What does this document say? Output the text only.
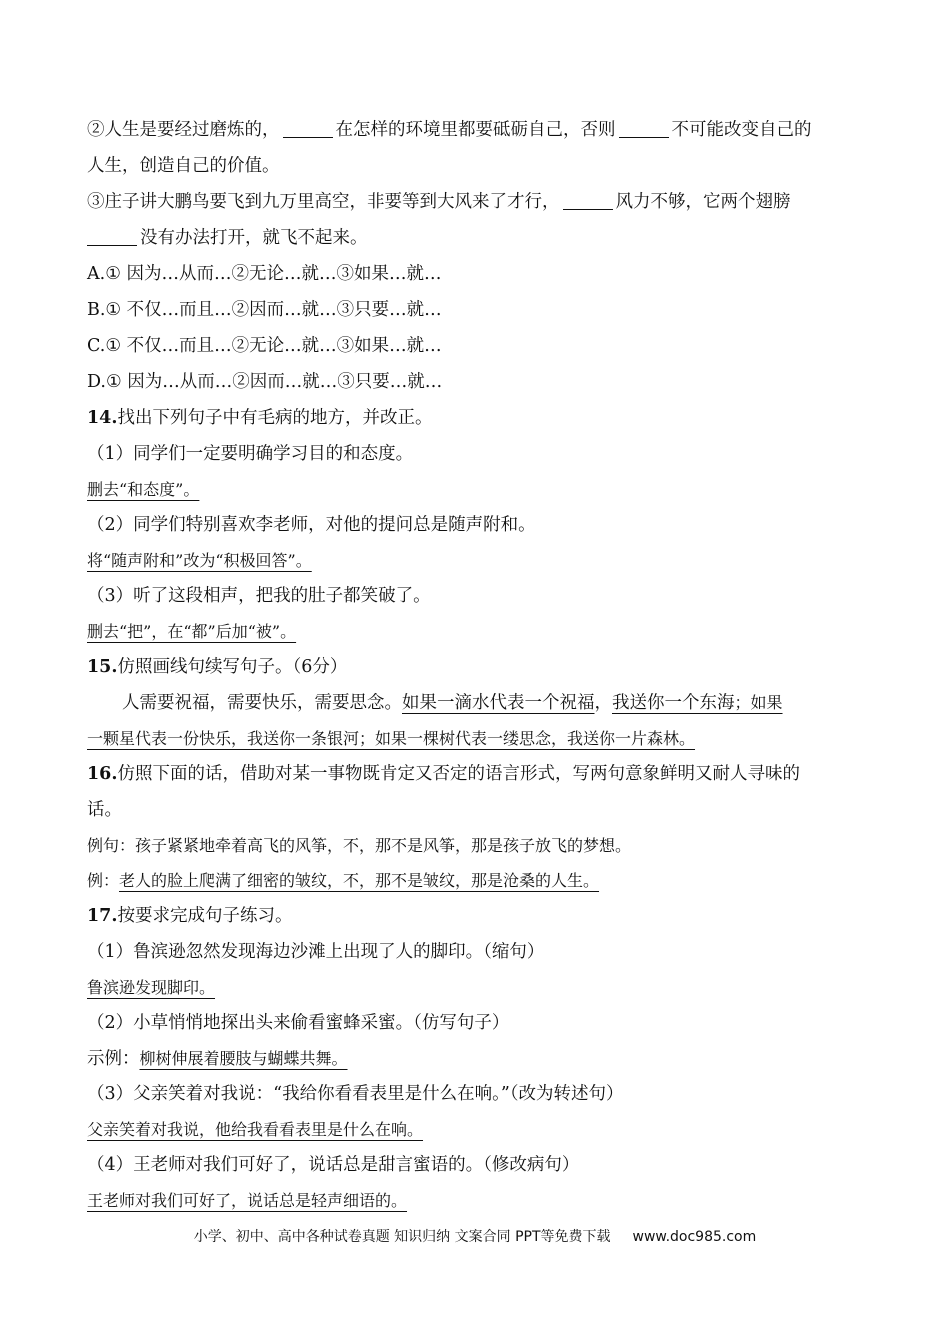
②人生是要经过磨炼的，	在怎样的环境里都要砥砺自己，否则	不可能改变自己的
人生，创造自己的价值。
③庄子讲大鹏鸟要飞到九万里高空，非要等到大风来了才行，	风力不够，它两个翅膀
没有办法打开，就飞不起来。
A.① 因为…从而…②无论…就…③如果…就…
B.① 不仅…而且…②因而…就…③只要…就…
C.① 不仅…而且…②无论…就…③如果…就…
D.① 因为…从而…②因而…就…③只要…就…
14.找出下列句子中有毛病的地方，并改正。
（1）同学们一定要明确学习目的和态度。
删去“和态度”。
（2）同学们特别喜欢李老师，对他的提问总是随声附和。
将“随声附和”改为“积极回答”。
（3）听了这段相声，把我的肚子都笑破了。
删去“把”，在“都”后加“被”。
15.仿照画线句续写句子。（6分）
人需要祝福，需要快乐，需要思念。如果一滴水代表一个祝福，我送你一个东海；如果
一颗星代表一份快乐，我送你一条银河；如果一棵树代表一缕思念，我送你一片森林。
16.仿照下面的话，借助对某一事物既肯定又否定的语言形式，写两句意象鲜明又耐人寻味的
话。
例句：孩子紧紧地牵着高飞的风筝，不，那不是风筝，那是孩子放飞的梦想。
例：老人的脸上爬满了细密的皱纹，不，那不是皱纹，那是沧桑的人生。
17.按要求完成句子练习。
（1）鲁滨逊忽然发现海边沙滩上出现了人的脚印。（缩句）
鲁滨逊发现脚印。
（2）小草悄悄地探出头来偷看蜜蜂采蜜。（仿写句子）
示例：柳树伸展着腰肢与蝴蝶共舞。
（3）父亲笑着对我说：“我给你看看表里是什么在响。”（改为转述句）
父亲笑着对我说，他给我看看表里是什么在响。
（4）王老师对我们可好了，说话总是甜言蜜语的。（修改病句）
王老师对我们可好了，说话总是轻声细语的。
小学、初中、高中各种试卷真题 知识归纳 文案合同 PPT等免费下载 www.doc985.com
